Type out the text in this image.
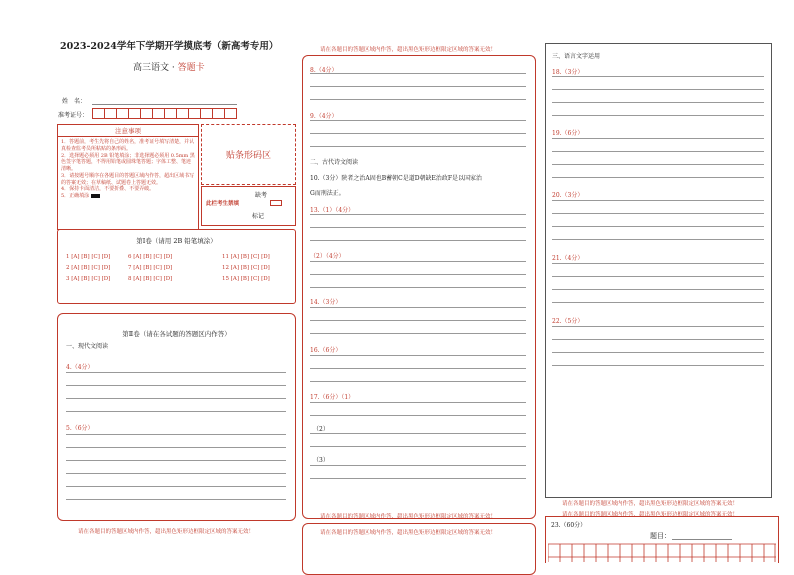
2023-2024学年下学期开学摸底考（新高考专用）
高三语文 · 答题卡
姓　名：
准考证号：
注意事项
1．答题前，考生先将自己的姓名，准考证号填写清楚，并认真检查监考员所粘贴的条形码。
2．选择题必须用 2B 铅笔填涂；非选择题必须用 0.5mm 黑色签字笔答题，不得用铅笔或圆珠笔答题；字体工整、笔迹清晰。
3．请按题号顺序在各题目的答题区域内作答，超出区域书写的答案无效；在草稿纸、试题卷上答题无效。
4．保持卡面清洁，不要折叠、不要弄破。
5．正确填涂
贴条形码区
此栏考生禁填
缺考
标记
第Ⅰ卷（请用 2B 铅笔填涂）
1 [A] [B] [C] [D]	6 [A] [B] [C] [D]	11 [A] [B] [C] [D]
2 [A] [B] [C] [D]	7 [A] [B] [C] [D]	12 [A] [B] [C] [D]
3 [A] [B] [C] [D]	8 [A] [B] [C] [D]	15 [A] [B] [C] [D]
第Ⅱ卷（请在各试题的答题区内作答）
一、现代文阅读
4.（4分）
5.（6分）
请在各题目的答题区域内作答，超出黑色矩形边框限定区域的答案无效！
请在各题目的答题区域内作答，超出黑色矩形边框限定区域的答案无效！
8.（4分）
9.（4分）
二、古代诗文阅读
10.（3分）陕者之治A固也B蓄朝C是道D朝缺E治政F是以国家治
G而刑法正。
13.（1）（4分）
（2）（4分）
14.（3分）
16.（6分）
17.（6分）（1）
（2）
（3）
请在各题目的答题区域内作答，超出黑色矩形边框限定区域的答案无效！
请在各题目的答题区域内作答，超出黑色矩形边框限定区域的答案无效！
三、语言文字运用
18.（3分）
19.（6分）
20.（3分）
21.（4分）
22.（5分）
请在各题目的答题区域内作答，超出黑色矩形边框限定区域的答案无效！
请在各题目的答题区域内作答，超出黑色矩形边框限定区域的答案无效！
23.（60分）
题目：
